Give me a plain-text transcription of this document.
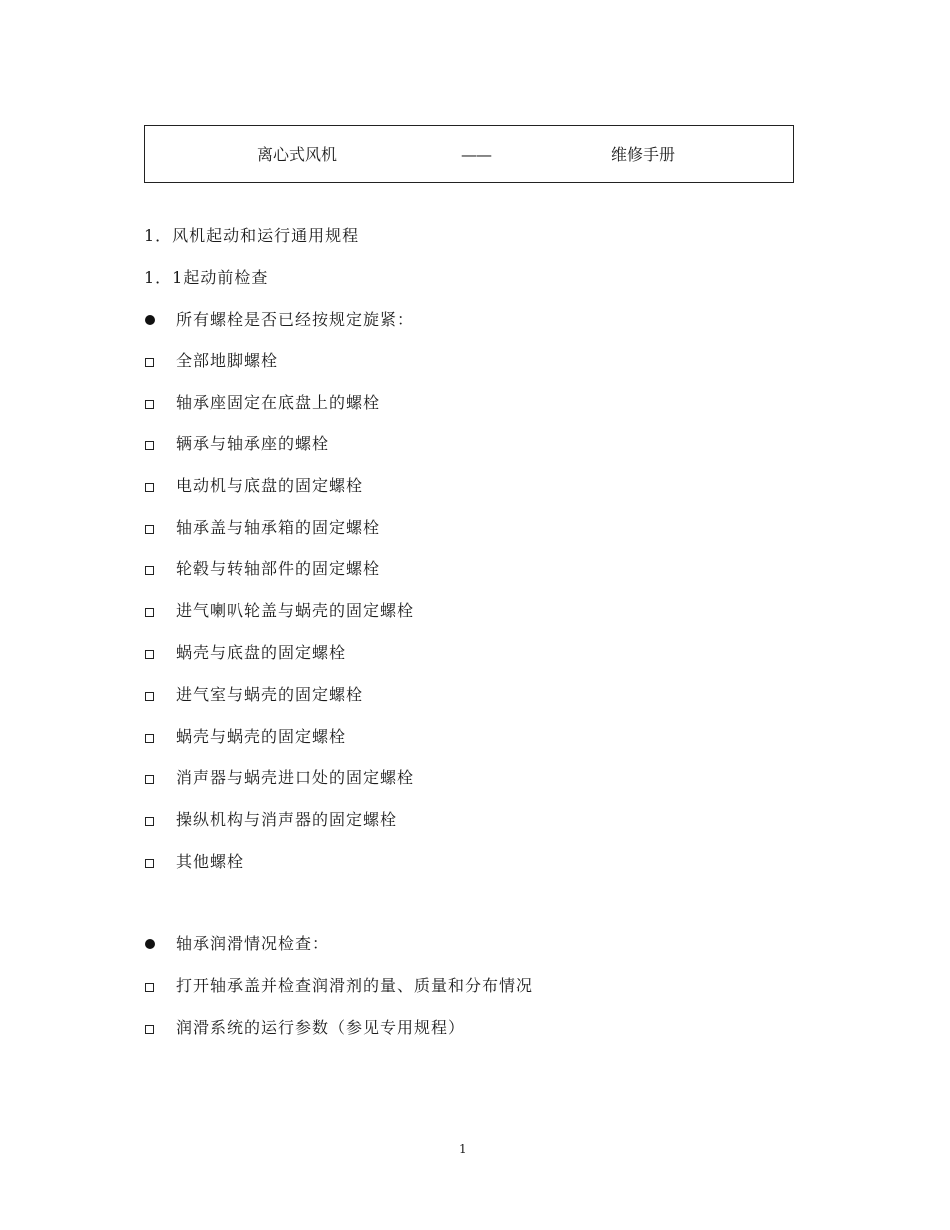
离心式风机	——	维修手册
1．风机起动和运行通用规程
1．1起动前检查
所有螺栓是否已经按规定旋紧：
全部地脚螺栓
轴承座固定在底盘上的螺栓
辆承与轴承座的螺栓
电动机与底盘的固定螺栓
轴承盖与轴承箱的固定螺栓
轮毂与转轴部件的固定螺栓
进气喇叭轮盖与蜗壳的固定螺栓
蜗壳与底盘的固定螺栓
进气室与蜗壳的固定螺栓
蜗壳与蜗壳的固定螺栓
消声器与蜗壳进口处的固定螺栓
操纵机构与消声器的固定螺栓
其他螺栓
轴承润滑情况检查：
打开轴承盖并检查润滑剂的量、质量和分布情况
润滑系统的运行参数（参见专用规程）
1
